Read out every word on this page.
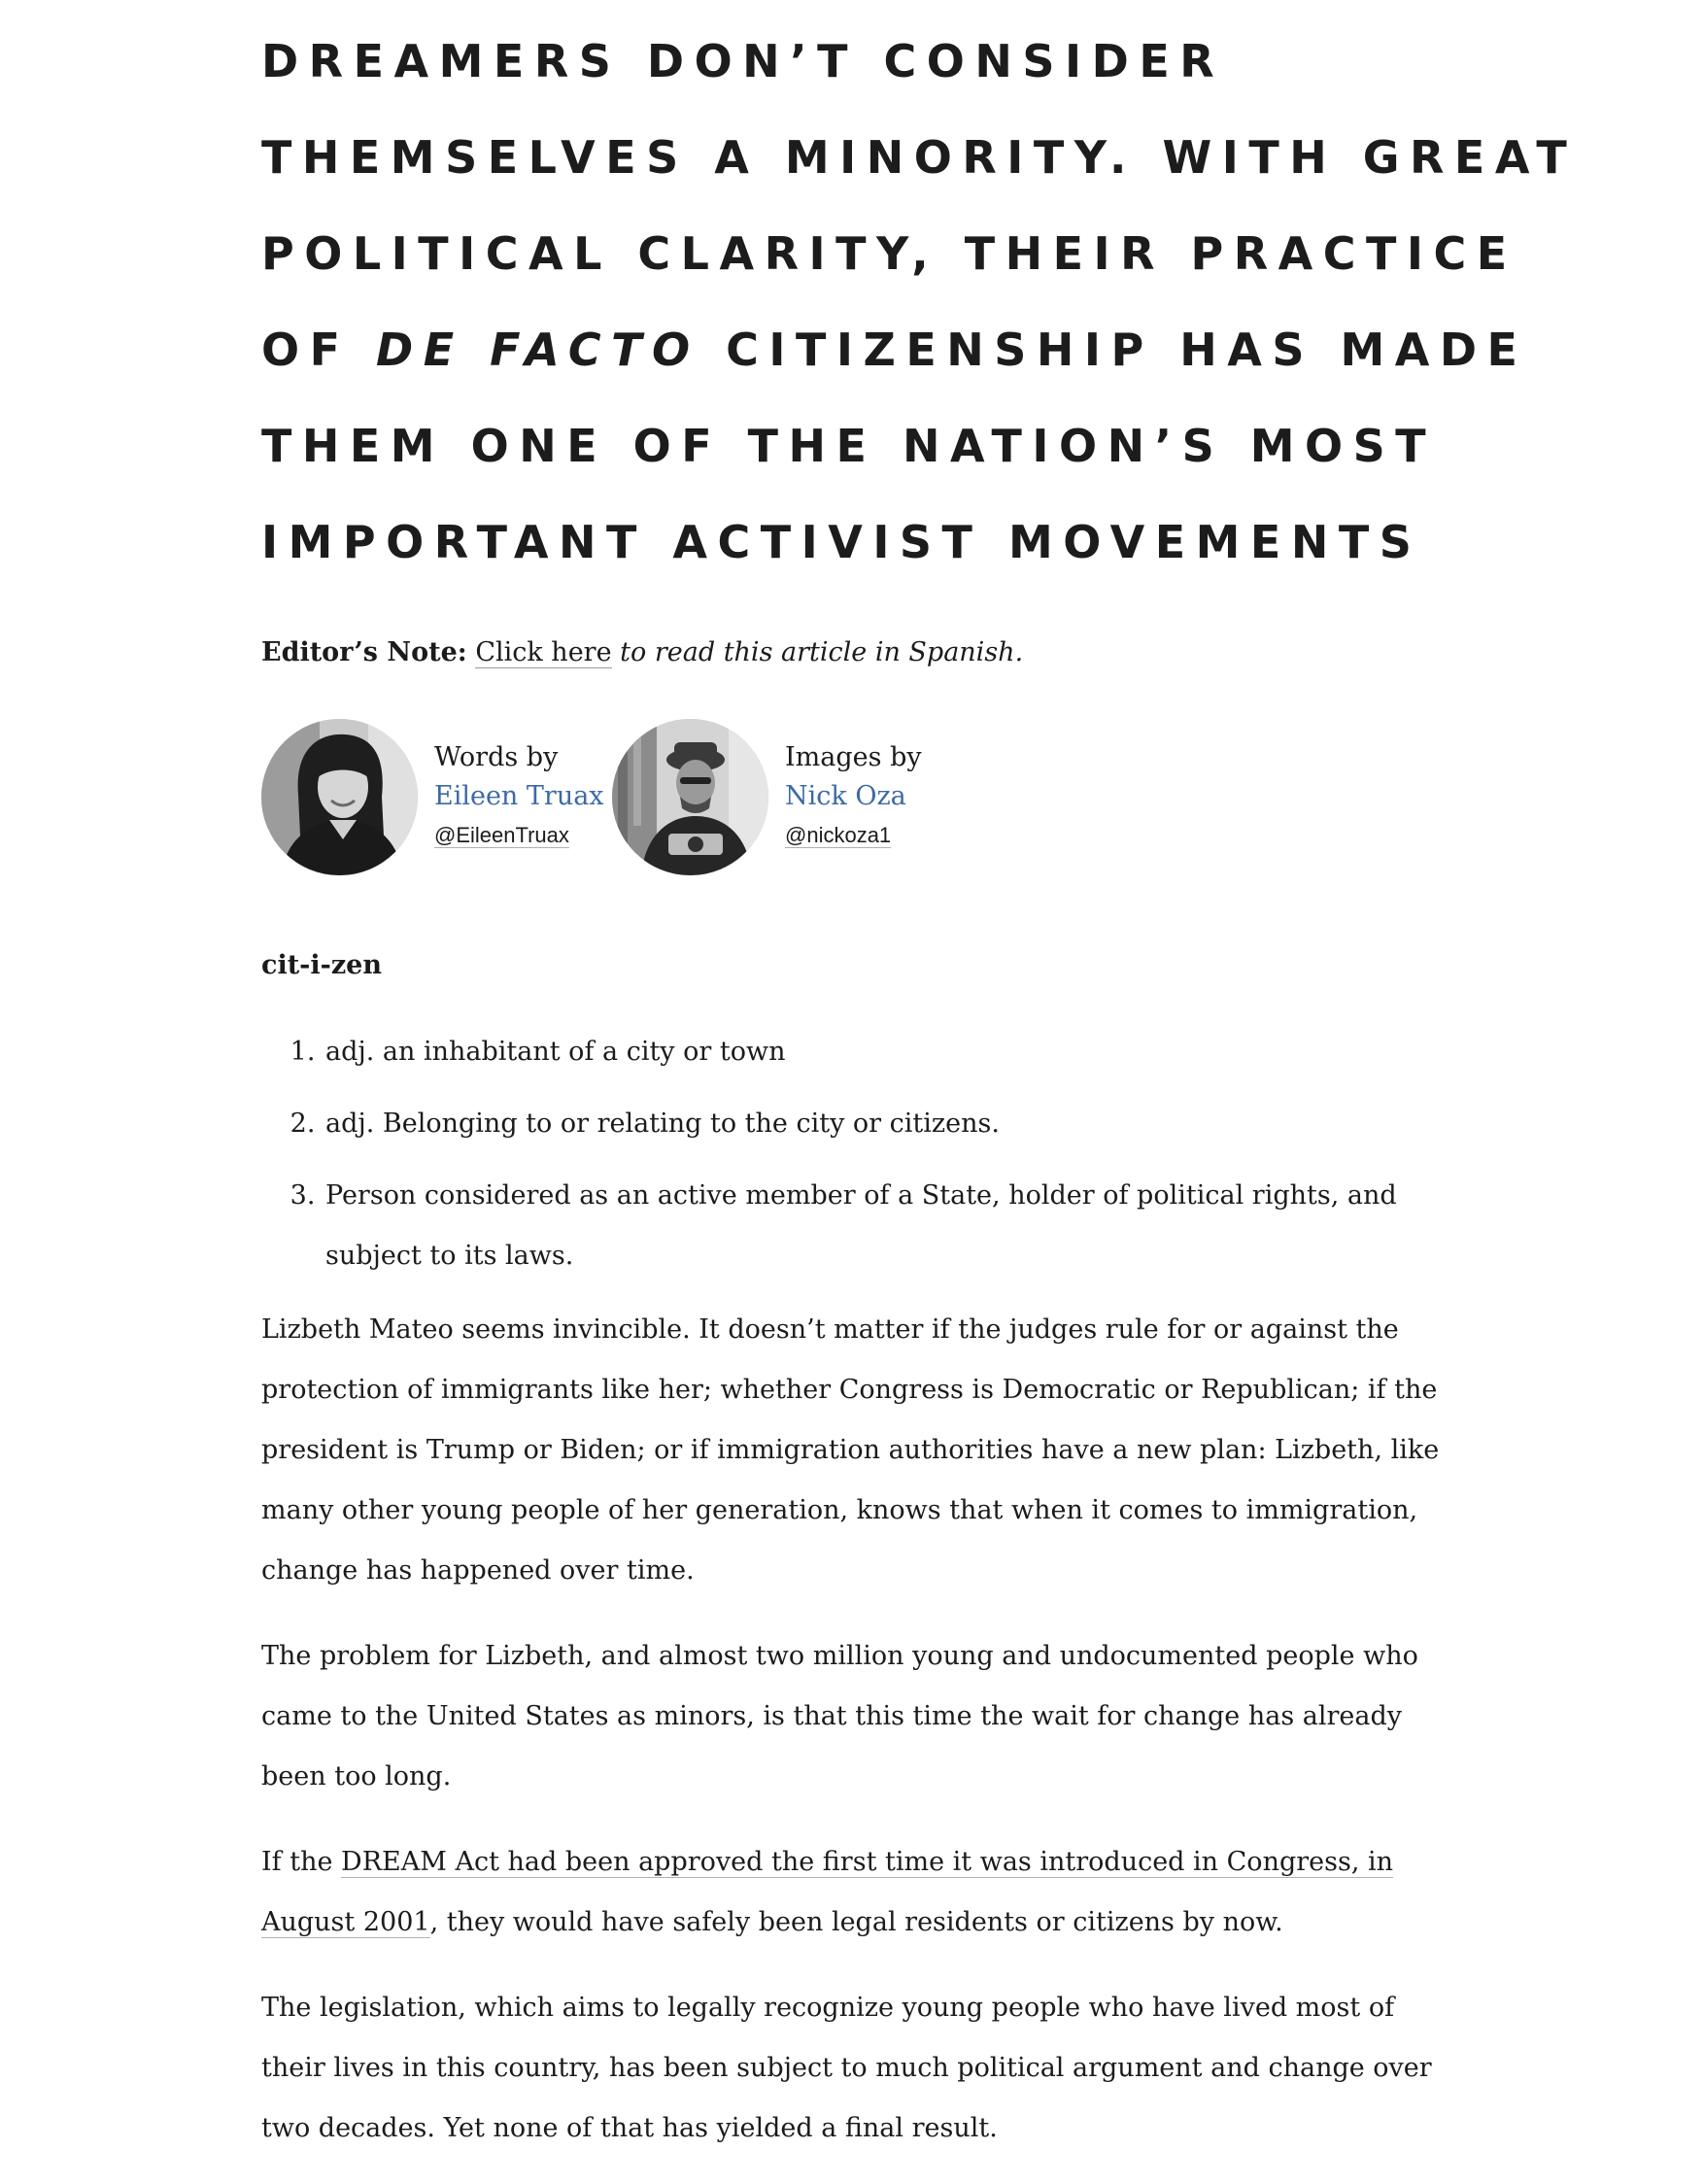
DREAMERS DON’T CONSIDER
THEMSELVES A MINORITY. WITH GREAT
POLITICAL CLARITY, THEIR PRACTICE
OF DE FACTO CITIZENSHIP HAS MADE
THEM ONE OF THE NATION’S MOST
IMPORTANT ACTIVIST MOVEMENTS
Editor’s Note: Click here to read this article in Spanish.
Words by
Eileen Truax
@EileenTruax
Images by
Nick Oza
@nickoza1
cit-i-zen
1. adj. an inhabitant of a city or town
2. adj. Belonging to or relating to the city or citizens.
3. Person considered as an active member of a State, holder of political rights, and subject to its laws.

Lizbeth Mateo seems invincible. It doesn’t matter if the judges rule for or against the protection of immigrants like her; whether Congress is Democratic or Republican; if the president is Trump or Biden; or if immigration authorities have a new plan: Lizbeth, like many other young people of her generation, knows that when it comes to immigration, change has happened over time.

The problem for Lizbeth, and almost two million young and undocumented people who came to the United States as minors, is that this time the wait for change has already been too long.

If the DREAM Act had been approved the first time it was introduced in Congress, in August 2001, they would have safely been legal residents or citizens by now.

The legislation, which aims to legally recognize young people who have lived most of their lives in this country, has been subject to much political argument and change over two decades. Yet none of that has yielded a final result.
